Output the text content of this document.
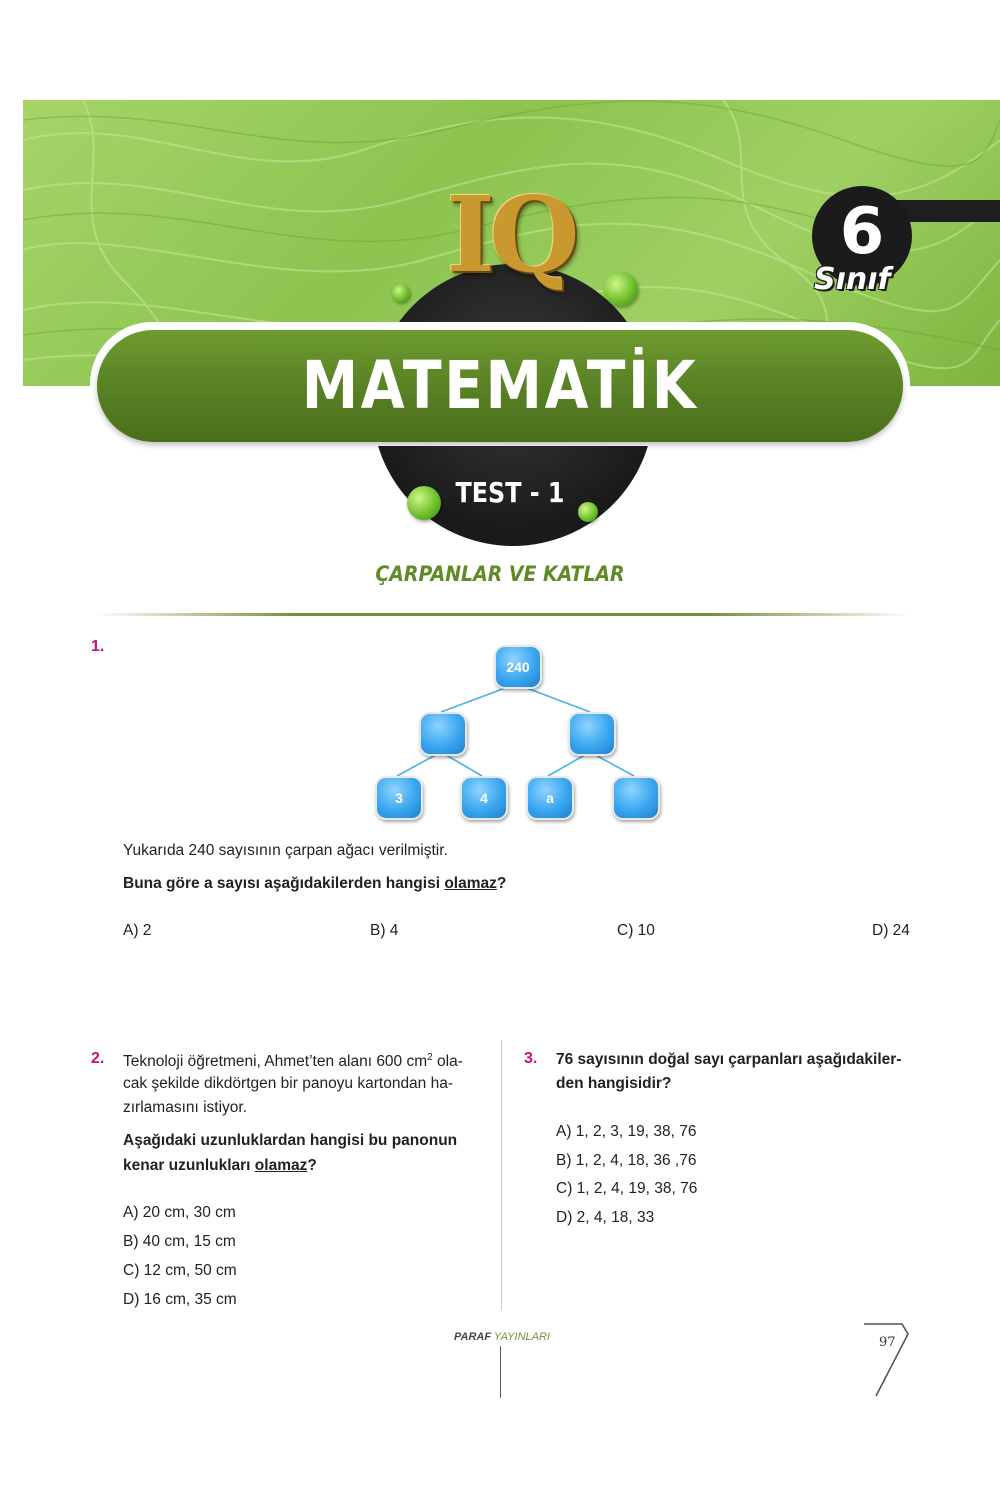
6
Sınıf
IQ
MATEMATİK
TEST - 1
ÇARPANLAR VE KATLAR
1.
240
3	4	a
Yukarıda 240 sayısının çarpan ağacı verilmiştir.
Buna göre a sayısı aşağıdakilerden hangisi olamaz?
A) 2	B) 4	C) 10	D) 24
2. Teknoloji öğretmeni, Ahmet’ten alanı 600 $cm^2$ ola-
cak şekilde dikdörtgen bir panoyu kartondan ha-
zırlamasını istiyor.
Aşağıdaki uzunluklardan hangisi bu panonun
kenar uzunlukları olamaz?
A) 20 cm, 30 cm
B) 40 cm, 15 cm
C) 12 cm, 50 cm
D) 16 cm, 35 cm
3. 76 sayısının doğal sayı çarpanları aşağıdakiler-
den hangisidir?
A) 1, 2, 3, 19, 38, 76
B) 1, 2, 4, 18, 36 ,76
C) 1, 2, 4, 19, 38, 76
D) 2, 4, 18, 33
PARAF YAYINLARI	97
